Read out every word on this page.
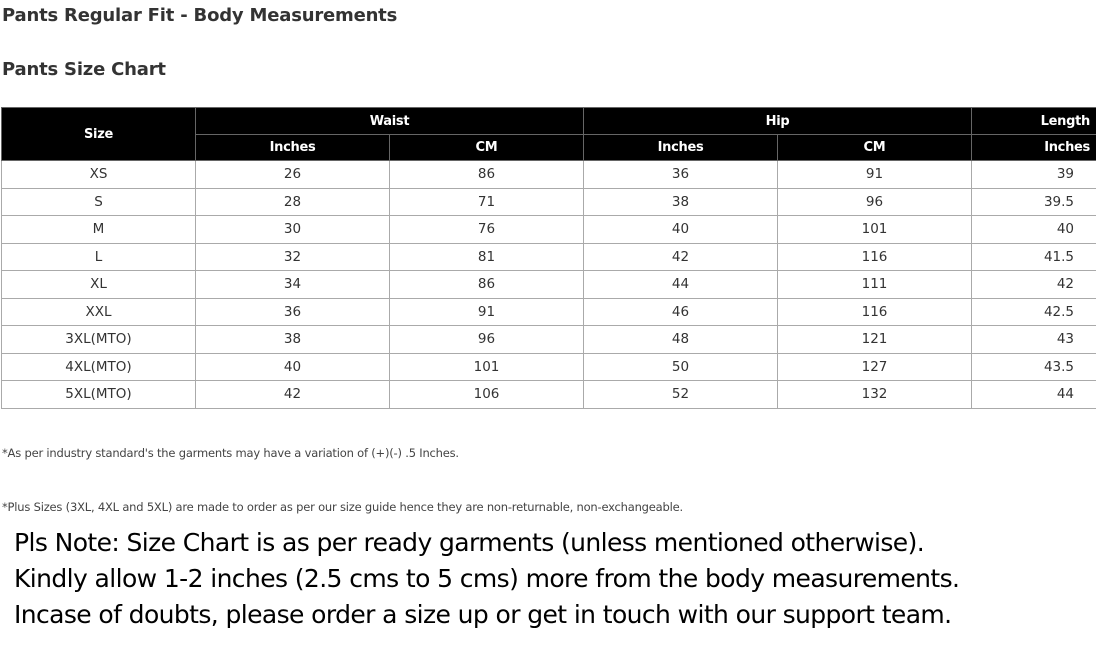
Pants Regular Fit - Body Measurements
Pants Size Chart
Size	Waist		Hip		Length
	Inches	CM	Inches	CM	Inches
XS	26	86	36	91	39
S	28	71	38	96	39.5
M	30	76	40	101	40
L	32	81	42	116	41.5
XL	34	86	44	111	42
XXL	36	91	46	116	42.5
3XL(MTO)	38	96	48	121	43
4XL(MTO)	40	101	50	127	43.5
5XL(MTO)	42	106	52	132	44
*As per industry standard's the garments may have a variation of (+)(-) .5 Inches.
*Plus Sizes (3XL, 4XL and 5XL) are made to order as per our size guide hence they are non-returnable, non-exchangeable.
Pls Note: Size Chart is as per ready garments (unless mentioned otherwise).
Kindly allow 1-2 inches (2.5 cms to 5 cms) more from the body measurements.
Incase of doubts, please order a size up or get in touch with our support team.
